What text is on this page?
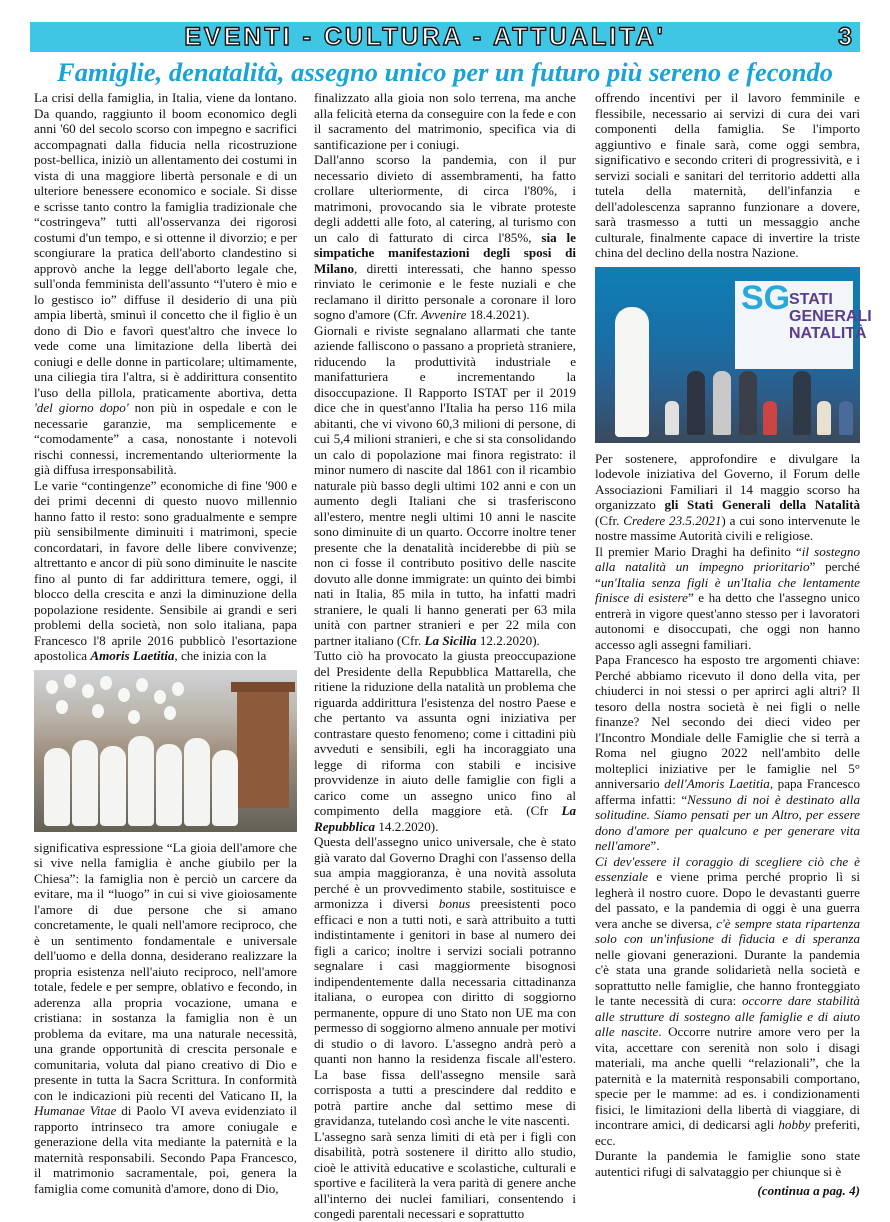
EVENTI - CULTURA - ATTUALITA'	3
Famiglie, denatalità, assegno unico per un futuro più sereno e fecondo

La crisi della famiglia, in Italia, viene da lontano. Da quando, raggiunto il boom economico degli anni '60 del secolo scorso con impegno e sacrifici accompagnati dalla fiducia nella ricostruzione post-bellica, iniziò un allentamento dei costumi in vista di una maggiore libertà personale e di un ulteriore benessere economico e sociale. Si disse e scrisse tanto contro la famiglia tradizionale che “costringeva” tutti all'osservanza dei rigorosi costumi d'un tempo, e si ottenne il divorzio; e per scongiurare la pratica dell'aborto clandestino si approvò anche la legge dell'aborto legale che, sull'onda femminista dell'assunto “l'utero è mio e lo gestisco io” diffuse il desiderio di una più ampia libertà, sminuì il concetto che il figlio è un dono di Dio e favorì quest'altro che invece lo vede come una limitazione della libertà dei coniugi e delle donne in particolare; ultimamente, una ciliegia tira l'altra, si è addirittura consentito l'uso della pillola, praticamente abortiva, detta 'del giorno dopo' non più in ospedale e con le necessarie garanzie, ma semplicemente e “comodamente” a casa, nonostante i notevoli rischi connessi, incrementando ulteriormente la già diffusa irresponsabilità.

Le varie “contingenze” economiche di fine '900 e dei primi decenni di questo nuovo millennio hanno fatto il resto: sono gradualmente e sempre più sensibilmente diminuiti i matrimoni, specie concordatari, in favore delle libere convivenze; altrettanto e ancor di più sono diminuite le nascite fino al punto di far addirittura temere, oggi, il blocco della crescita e anzi la diminuzione della popolazione residente. Sensibile ai grandi e seri problemi della società, non solo italiana, papa Francesco l'8 aprile 2016 pubblicò l'esortazione apostolica Amoris Laetitia, che inizia con la

significativa espressione “La gioia dell'amore che si vive nella famiglia è anche giubilo per la Chiesa”: la famiglia non è perciò un carcere da evitare, ma il “luogo” in cui si vive gioiosamente l'amore di due persone che si amano concretamente, le quali nell'amore reciproco, che è un sentimento fondamentale e universale dell'uomo e della donna, desiderano realizzare la propria esistenza nell'aiuto reciproco, nell'amore totale, fedele e per sempre, oblativo e fecondo, in aderenza alla propria vocazione, umana e cristiana: in sostanza la famiglia non è un problema da evitare, ma una naturale necessità, una grande opportunità di crescita personale e comunitaria, voluta dal piano creativo di Dio e presente in tutta la Sacra Scrittura. In conformità con le indicazioni più recenti del Vaticano II, la Humanae Vitae di Paolo VI aveva evidenziato il rapporto intrinseco tra amore coniugale e generazione della vita mediante la paternità e la maternità responsabili. Secondo Papa Francesco, il matrimonio sacramentale, poi, genera la famiglia come comunità d'amore, dono di Dio,

finalizzato alla gioia non solo terrena, ma anche alla felicità eterna da conseguire con la fede e con il sacramento del matrimonio, specifica via di santificazione per i coniugi.

Dall'anno scorso la pandemia, con il pur necessario divieto di assembramenti, ha fatto crollare ulteriormente, di circa l'80%, i matrimoni, provocando sia le vibrate proteste degli addetti alle foto, al catering, al turismo con un calo di fatturato di circa l'85%, sia le simpatiche manifestazioni degli sposi di Milano, diretti interessati, che hanno spesso rinviato le cerimonie e le feste nuziali e che reclamano il diritto personale a coronare il loro sogno d'amore (Cfr. Avvenire 18.4.2021).

Giornali e riviste segnalano allarmati che tante aziende falliscono o passano a proprietà straniere, riducendo la produttività industriale e manifatturiera e incrementando la disoccupazione. Il Rapporto ISTAT per il 2019 dice che in quest'anno l'Italia ha perso 116 mila abitanti, che vi vivono 60,3 milioni di persone, di cui 5,4 milioni stranieri, e che si sta consolidando un calo di popolazione mai finora registrato: il minor numero di nascite dal 1861 con il ricambio naturale più basso degli ultimi 102 anni e con un aumento degli Italiani che si trasferiscono all'estero, mentre negli ultimi 10 anni le nascite sono diminuite di un quarto. Occorre inoltre tener presente che la denatalità inciderebbe di più se non ci fosse il contributo positivo delle nascite dovuto alle donne immigrate: un quinto dei bimbi nati in Italia, 85 mila in tutto, ha infatti madri straniere, le quali li hanno generati per 63 mila unità con partner stranieri e per 22 mila con partner italiano (Cfr. La Sicilia 12.2.2020).

Tutto ciò ha provocato la giusta preoccupazione del Presidente della Repubblica Mattarella, che ritiene la riduzione della natalità un problema che riguarda addirittura l'esistenza del nostro Paese e che pertanto va assunta ogni iniziativa per contrastare questo fenomeno; come i cittadini più avveduti e sensibili, egli ha incoraggiato una legge di riforma con stabili e incisive provvidenze in aiuto delle famiglie con figli a carico come un assegno unico fino al compimento della maggiore età. (Cfr La Repubblica 14.2.2020).

Questa dell'assegno unico universale, che è stato già varato dal Governo Draghi con l'assenso della sua ampia maggioranza, è una novità assoluta perché è un provvedimento stabile, sostituisce e armonizza i diversi bonus preesistenti poco efficaci e non a tutti noti, e sarà attribuito a tutti indistintamente i genitori in base al numero dei figli a carico; inoltre i servizi sociali potranno segnalare i casi maggiormente bisognosi indipendentemente dalla necessaria cittadinanza italiana, o europea con diritto di soggiorno permanente, oppure di uno Stato non UE ma con permesso di soggiorno almeno annuale per motivi di studio o di lavoro. L'assegno andrà però a quanti non hanno la residenza fiscale all'estero. La base fissa dell'assegno mensile sarà corrisposta a tutti a prescindere dal reddito e potrà partire anche dal settimo mese di gravidanza, tutelando così anche le vite nascenti.

L'assegno sarà senza limiti di età per i figli con disabilità, potrà sostenere il diritto allo studio, cioè le attività educative e scolastiche, culturali e sportive e faciliterà la vera parità di genere anche all'interno dei nuclei familiari, consentendo i congedi parentali necessari e soprattutto

offrendo incentivi per il lavoro femminile e flessibile, necessario ai servizi di cura dei vari componenti della famiglia. Se l'importo aggiuntivo e finale sarà, come oggi sembra, significativo e secondo criteri di progressività, e i servizi sociali e sanitari del territorio addetti alla tutela della maternità, dell'infanzia e dell'adolescenza sapranno funzionare a dovere, sarà trasmesso a tutti un messaggio anche culturale, finalmente capace di invertire la triste china del declino della nostra Nazione.

SG
STATI GENERALI NATALITÀ

Per sostenere, approfondire e divulgare la lodevole iniziativa del Governo, il Forum delle Associazioni Familiari il 14 maggio scorso ha organizzato gli Stati Generali della Natalità (Cfr. Credere 23.5.2021) a cui sono intervenute le nostre massime Autorità civili e religiose.

Il premier Mario Draghi ha definito “il sostegno alla natalità un impegno prioritario” perché “un'Italia senza figli è un'Italia che lentamente finisce di esistere” e ha detto che l'assegno unico entrerà in vigore quest'anno stesso per i lavoratori autonomi e disoccupati, che oggi non hanno accesso agli assegni familiari.

Papa Francesco ha esposto tre argomenti chiave: Perché abbiamo ricevuto il dono della vita, per chiuderci in noi stessi o per aprirci agli altri? Il tesoro della nostra società è nei figli o nelle finanze? Nel secondo dei dieci video per l'Incontro Mondiale delle Famiglie che si terrà a Roma nel giugno 2022 nell'ambito delle molteplici iniziative per le famiglie nel 5° anniversario dell'Amoris Laetitia, papa Francesco afferma infatti: “Nessuno di noi è destinato alla solitudine. Siamo pensati per un Altro, per essere dono d'amore per qualcuno e per generare vita nell'amore”.

Ci dev'essere il coraggio di scegliere ciò che è essenziale e viene prima perché proprio lì si legherà il nostro cuore. Dopo le devastanti guerre del passato, e la pandemia di oggi è una guerra vera anche se diversa, c'è sempre stata ripartenza solo con un'infusione di fiducia e di speranza nelle giovani generazioni. Durante la pandemia c'è stata una grande solidarietà nella società e soprattutto nelle famiglie, che hanno fronteggiato le tante necessità di cura: occorre dare stabilità alle strutture di sostegno alle famiglie e di aiuto alle nascite. Occorre nutrire amore vero per la vita, accettare con serenità non solo i disagi materiali, ma anche quelli “relazionali”, che la paternità e la maternità responsabili comportano, specie per le mamme: ad es. i condizionamenti fisici, le limitazioni della libertà di viaggiare, di incontrare amici, di dedicarsi agli hobby preferiti, ecc.

Durante la pandemia le famiglie sono state autentici rifugi di salvataggio per chiunque si è

(continua a pag. 4)
